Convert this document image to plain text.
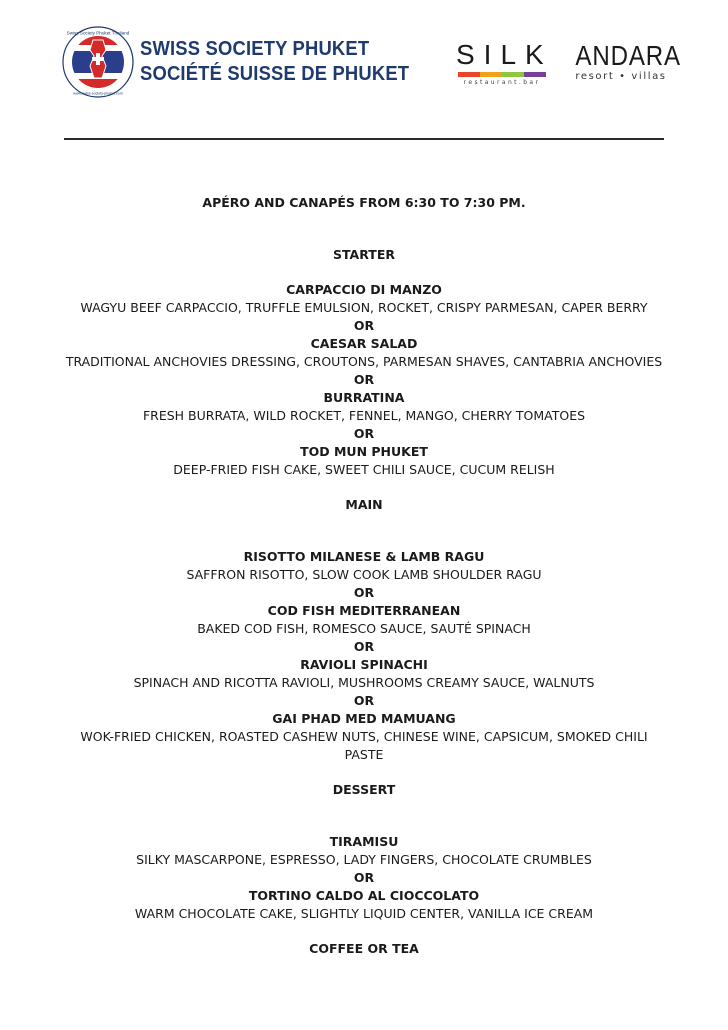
Swiss Society Phuket Thailand
www.swiss-society-phuket.com
SWISS SOCIETY PHUKET
SOCIÉTÉ SUISSE DE PHUKET
SILK
restaurant.bar
ANDARA
resort • villas

APÉRO AND CANAPÉS FROM 6:30 TO 7:30 PM.

STARTER

CARPACCIO DI MANZO

WAGYU BEEF CARPACCIO, TRUFFLE EMULSION, ROCKET, CRISPY PARMESAN, CAPER BERRY

OR

CAESAR SALAD

TRADITIONAL ANCHOVIES DRESSING, CROUTONS, PARMESAN SHAVES, CANTABRIA ANCHOVIES

OR

BURRATINA

FRESH BURRATA, WILD ROCKET, FENNEL, MANGO, CHERRY TOMATOES

OR

TOD MUN PHUKET

DEEP-FRIED FISH CAKE, SWEET CHILI SAUCE, CUCUM RELISH

MAIN

RISOTTO MILANESE & LAMB RAGU

SAFFRON RISOTTO, SLOW COOK LAMB SHOULDER RAGU

OR

COD FISH MEDITERRANEAN

BAKED COD FISH, ROMESCO SAUCE, SAUTÉ SPINACH

OR

RAVIOLI SPINACHI

SPINACH AND RICOTTA RAVIOLI, MUSHROOMS CREAMY SAUCE, WALNUTS

OR

GAI PHAD MED MAMUANG

WOK-FRIED CHICKEN, ROASTED CASHEW NUTS, CHINESE WINE, CAPSICUM, SMOKED CHILI

PASTE

DESSERT

TIRAMISU

SILKY MASCARPONE, ESPRESSO, LADY FINGERS, CHOCOLATE CRUMBLES

OR

TORTINO CALDO AL CIOCCOLATO

WARM CHOCOLATE CAKE, SLIGHTLY LIQUID CENTER, VANILLA ICE CREAM

COFFEE OR TEA
